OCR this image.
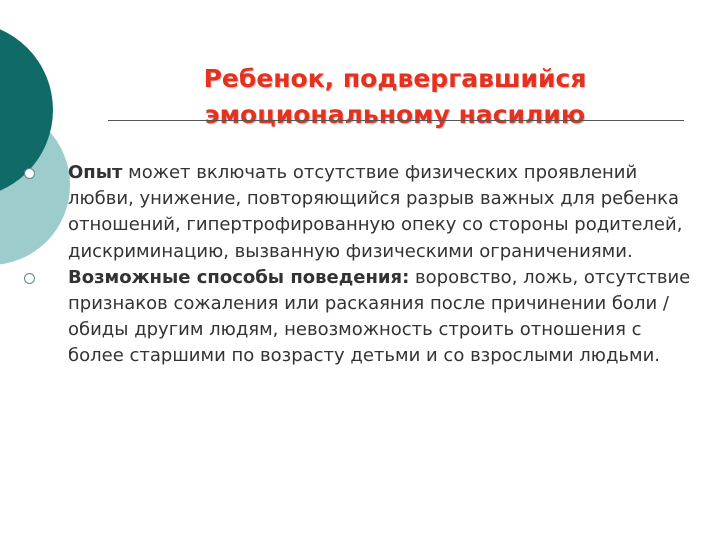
Ребенок, подвергавшийся
эмоциональному насилию
Опыт может включать отсутствие физических проявлений любви, унижение, повторяющийся разрыв важных для ребенка отношений, гипертрофированную опеку со стороны родителей, дискриминацию, вызванную физическими ограничениями.
Возможные способы поведения: воровство, ложь, отсутствие признаков сожаления или раскаяния после причинении боли /обиды другим людям, невозможность строить отношения с более старшими по возрасту детьми и со взрослыми людьми.
